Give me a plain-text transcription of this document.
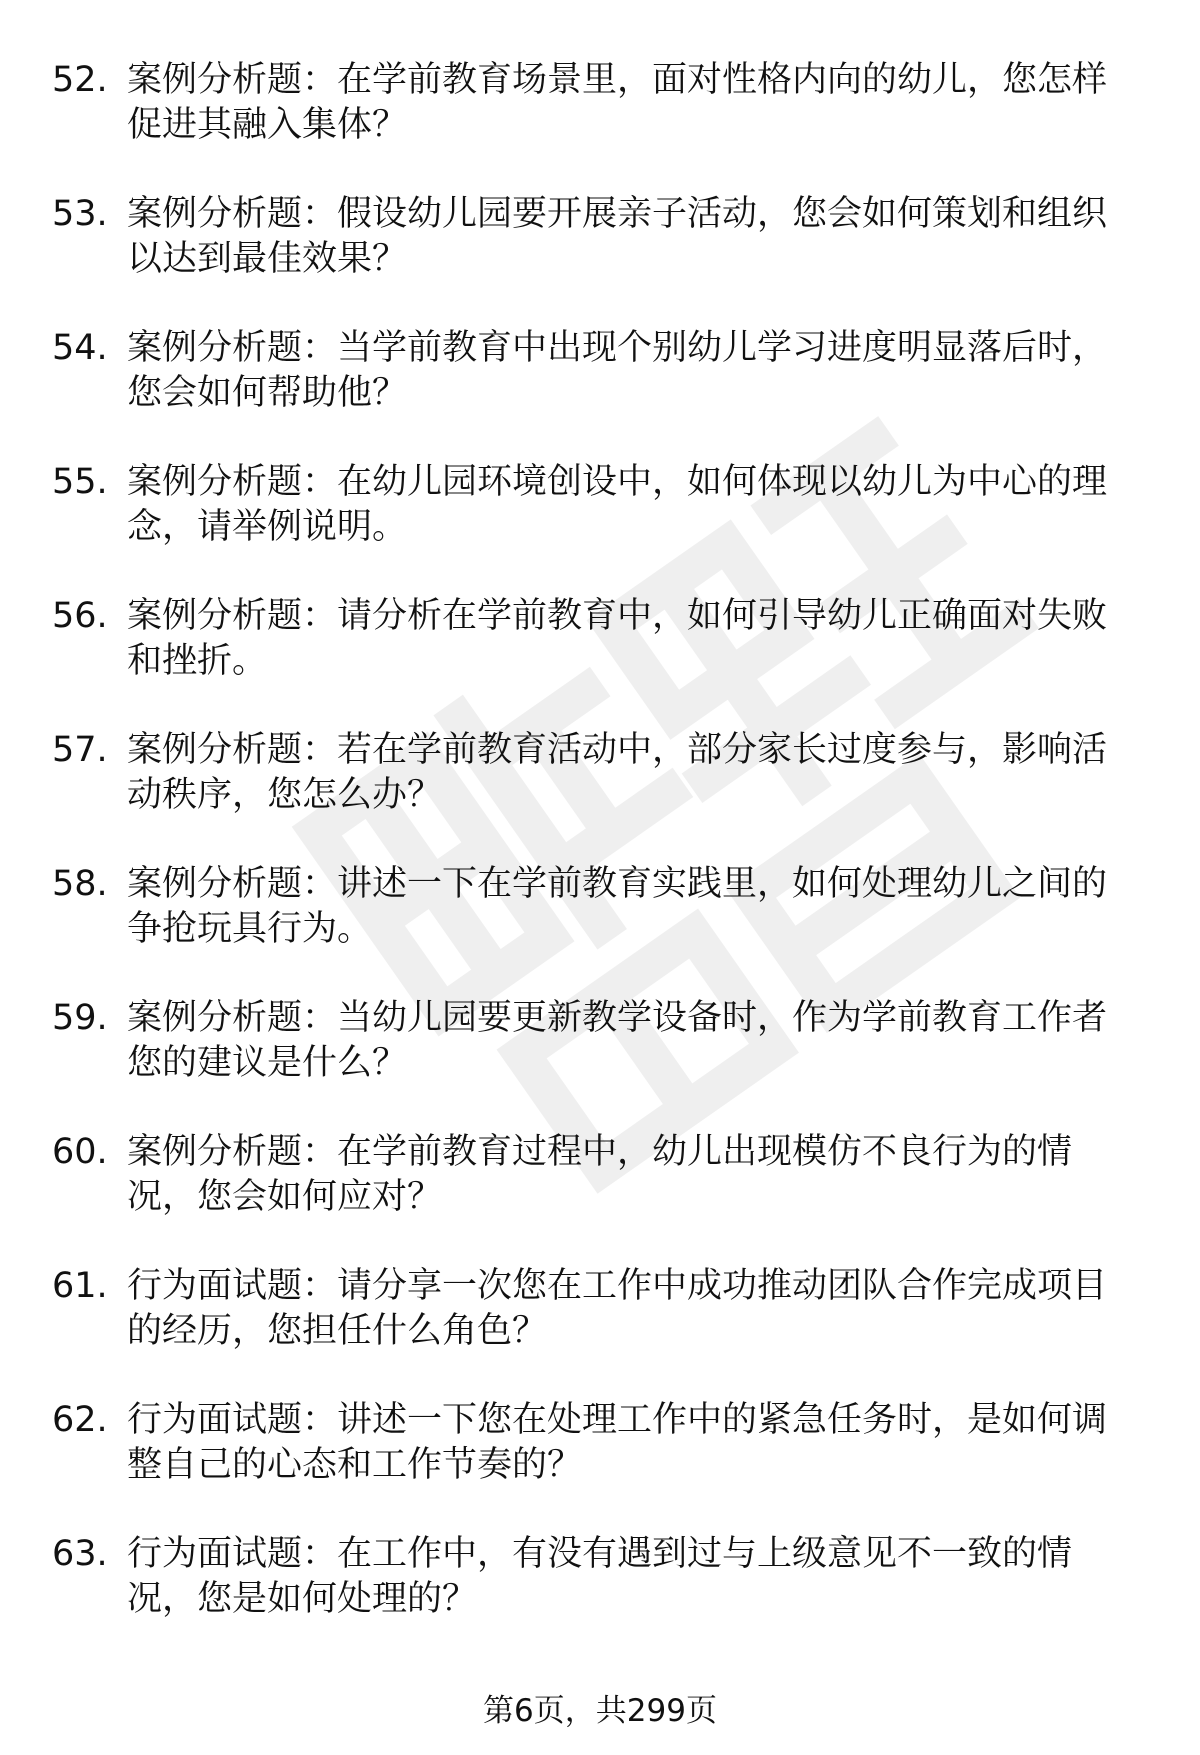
52. 案例分析题：在学前教育场景里，面对性格内向的幼儿，您怎样促进其融入集体？
53. 案例分析题：假设幼儿园要开展亲子活动，您会如何策划和组织以达到最佳效果？
54. 案例分析题：当学前教育中出现个别幼儿学习进度明显落后时，您会如何帮助他？
55. 案例分析题：在幼儿园环境创设中，如何体现以幼儿为中心的理念，请举例说明。
56. 案例分析题：请分析在学前教育中，如何引导幼儿正确面对失败和挫折。
57. 案例分析题：若在学前教育活动中，部分家长过度参与，影响活动秩序，您怎么办？
58. 案例分析题：讲述一下在学前教育实践里，如何处理幼儿之间的争抢玩具行为。
59. 案例分析题：当幼儿园要更新教学设备时，作为学前教育工作者您的建议是什么？
60. 案例分析题：在学前教育过程中，幼儿出现模仿不良行为的情况，您会如何应对？
61. 行为面试题：请分享一次您在工作中成功推动团队合作完成项目的经历，您担任什么角色？
62. 行为面试题：讲述一下您在处理工作中的紧急任务时，是如何调整自己的心态和工作节奏的？
63. 行为面试题：在工作中，有没有遇到过与上级意见不一致的情况，您是如何处理的？
第6页，共299页
